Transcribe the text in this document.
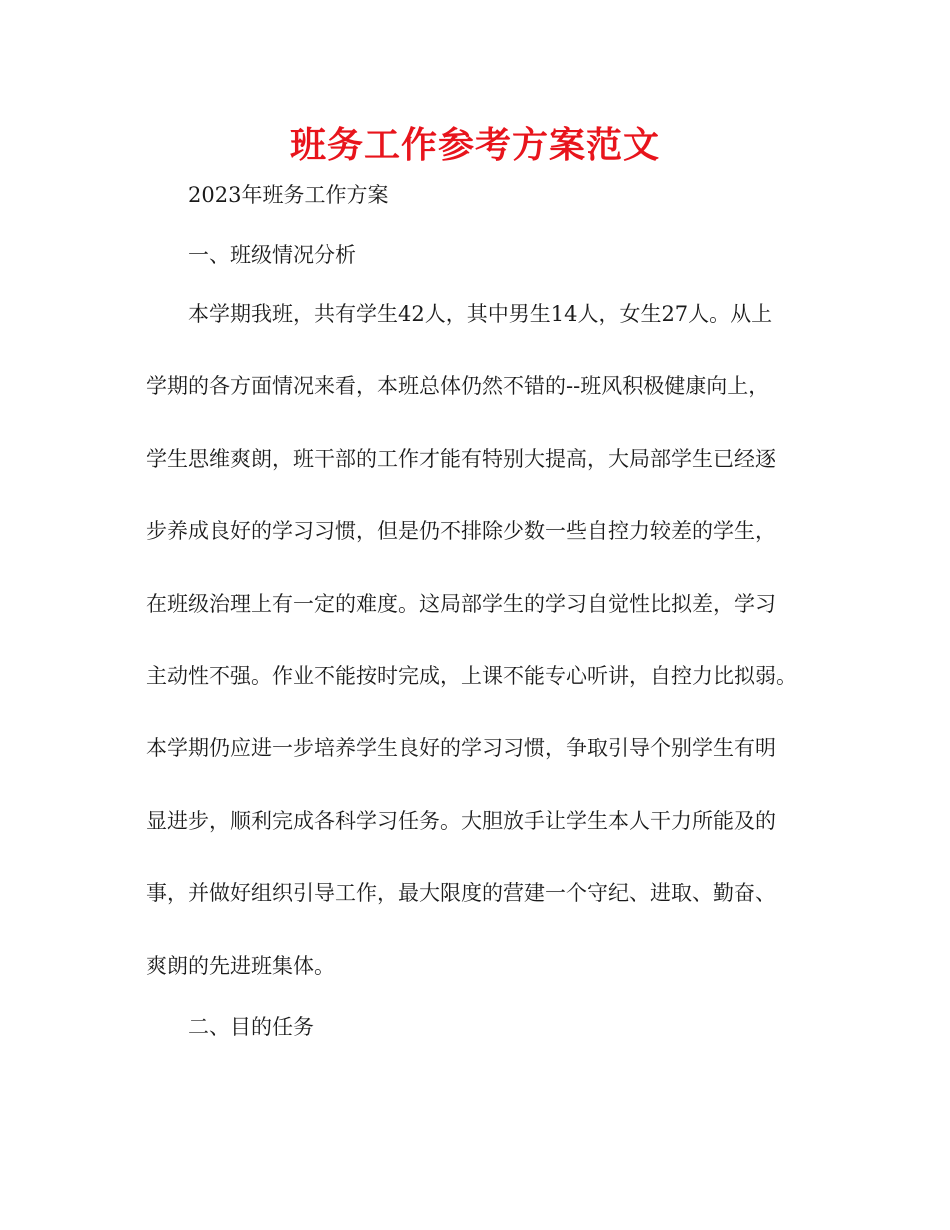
班务工作参考方案范文

2023年班务工作方案

一、班级情况分析

本学期我班，共有学生42人，其中男生14人，女生27人。从上
学期的各方面情况来看，本班总体仍然不错的--班风积极健康向上，
学生思维爽朗，班干部的工作才能有特别大提高，大局部学生已经逐
步养成良好的学习习惯，但是仍不排除少数一些自控力较差的学生，
在班级治理上有一定的难度。这局部学生的学习自觉性比拟差，学习
主动性不强。作业不能按时完成，上课不能专心听讲，自控力比拟弱。
本学期仍应进一步培养学生良好的学习习惯，争取引导个别学生有明
显进步，顺利完成各科学习任务。大胆放手让学生本人干力所能及的
事，并做好组织引导工作，最大限度的营建一个守纪、进取、勤奋、
爽朗的先进班集体。

二、目的任务
